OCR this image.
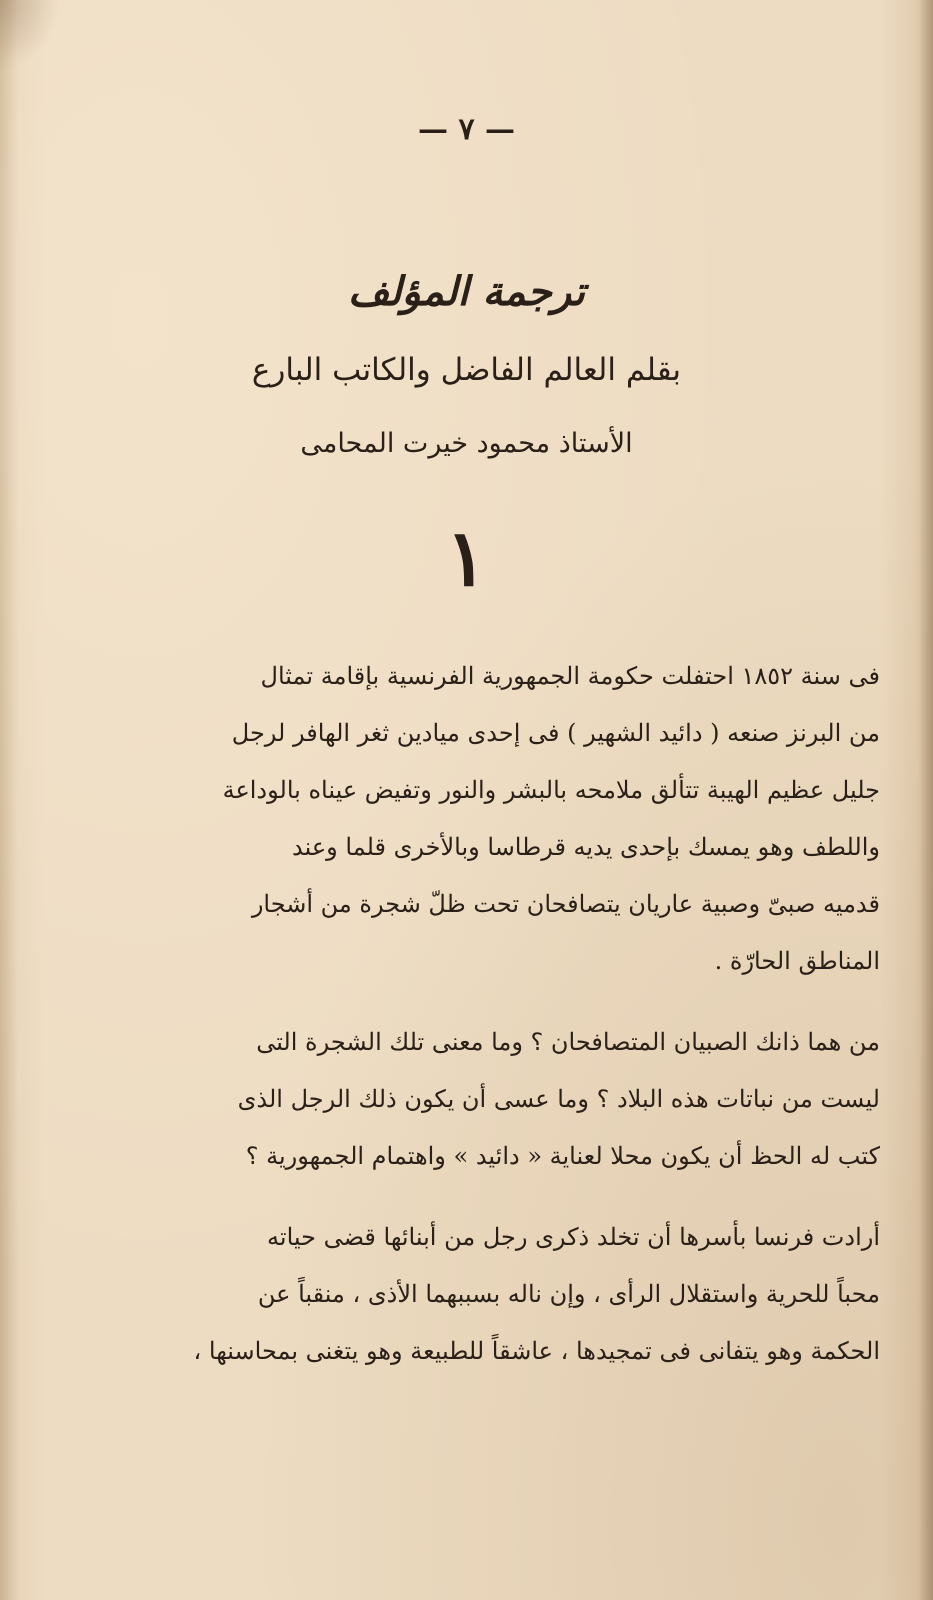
— ٧ —
ترجمة المؤلف
بقلم العالم الفاضل والكاتب البارع
الأستاذ محمود خيرت المحامى
١
فى سنة ١٨٥٢ احتفلت حكومة الجمهورية الفرنسية بإقامة تمثال
من البرنز صنعه ( دائيد الشهير ) فى إحدى ميادين ثغر الهافر لرجل
جليل عظيم الهيبة تتألق ملامحه بالبشر والنور وتفيض عيناه بالوداعة
واللطف وهو يمسك بإحدى يديه قرطاسا وبالأخرى قلما وعند
قدميه صبىّ وصبية عاريان يتصافحان تحت ظلّ شجرة من أشجار
المناطق الحارّة .
من هما ذانك الصبيان المتصافحان ؟ وما معنى تلك الشجرة التى
ليست من نباتات هذه البلاد ؟ وما عسى أن يكون ذلك الرجل الذى
كتب له الحظ أن يكون محلا لعناية « دائيد » واهتمام الجمهورية ؟
أرادت فرنسا بأسرها أن تخلد ذكرى رجل من أبنائها قضى حياته
محباً للحرية واستقلال الرأى ، وإن ناله بسببهما الأذى ، منقباً عن
الحكمة وهو يتفانى فى تمجيدها ، عاشقاً للطبيعة وهو يتغنى بمحاسنها ،
